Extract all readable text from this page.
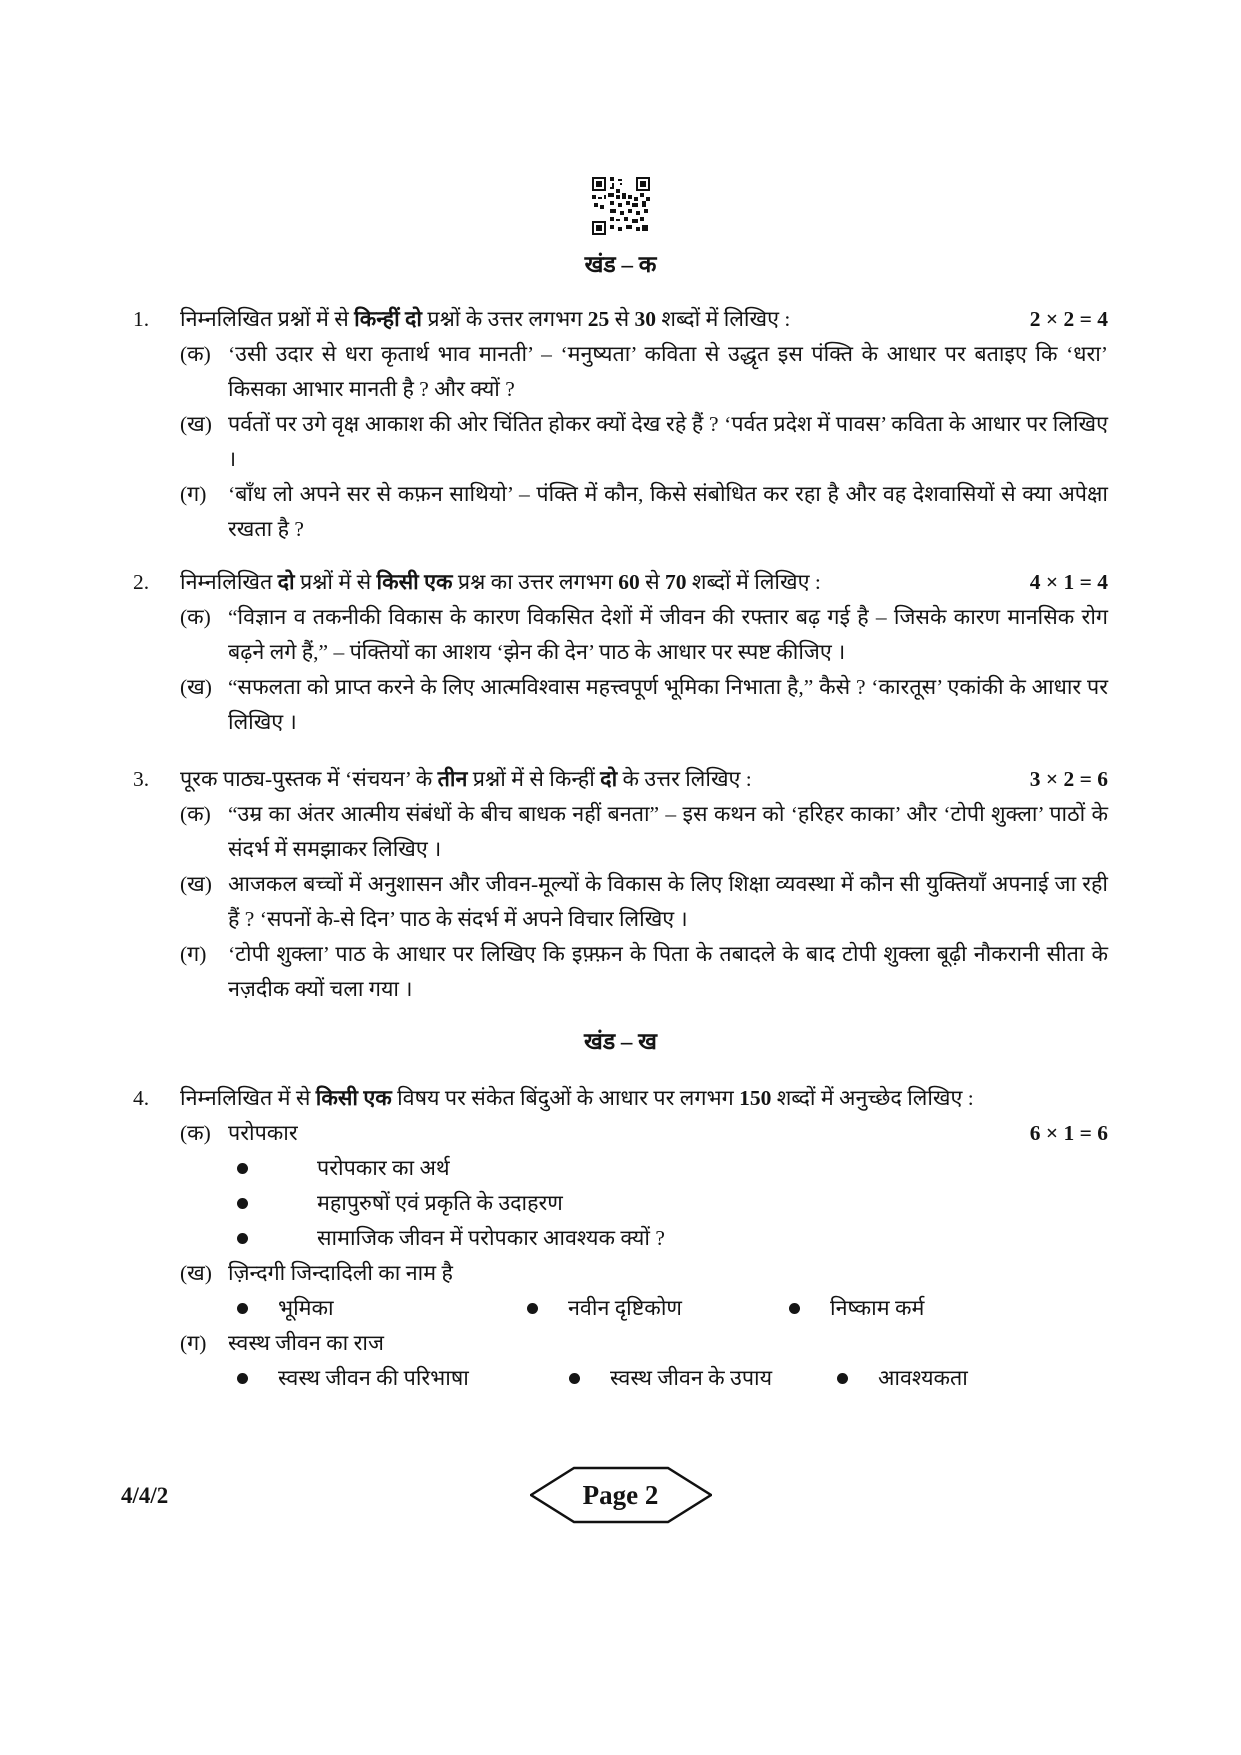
खंड – क
1.	2 × 2 = 4

निम्नलिखित प्रश्नों में से किन्हीं दो प्रश्नों के उत्तर लगभग 25 से 30 शब्दों में लिखिए :

(क) ‘उसी उदार से धरा कृतार्थ भाव मानती’ – ‘मनुष्यता’ कविता से उद्धृत इस पंक्ति के आधार पर बताइए कि ‘धरा’ किसका आभार मानती है ? और क्यों ?

(ख) पर्वतों पर उगे वृक्ष आकाश की ओर चिंतित होकर क्यों देख रहे हैं ? ‘पर्वत प्रदेश में पावस’ कविता के आधार पर लिखिए ।

(ग) ‘बाँध लो अपने सर से कफ़न साथियो’ – पंक्ति में कौन, किसे संबोधित कर रहा है और वह देशवासियों से क्या अपेक्षा रखता है ?

2.	4 × 1 = 4

निम्नलिखित दो प्रश्नों में से किसी एक प्रश्न का उत्तर लगभग 60 से 70 शब्दों में लिखिए :

(क) “विज्ञान व तकनीकी विकास के कारण विकसित देशों में जीवन की रफ्तार बढ़ गई है – जिसके कारण मानसिक रोग बढ़ने लगे हैं,” – पंक्तियों का आशय ‘झेन की देन’ पाठ के आधार पर स्पष्ट कीजिए ।

(ख) “सफलता को प्राप्त करने के लिए आत्मविश्वास महत्त्वपूर्ण भूमिका निभाता है,” कैसे ? ‘कारतूस’ एकांकी के आधार पर लिखिए ।

3.	3 × 2 = 6

पूरक पाठ्य-पुस्तक में ‘संचयन’ के तीन प्रश्नों में से किन्हीं दो के उत्तर लिखिए :

(क) “उम्र का अंतर आत्मीय संबंधों के बीच बाधक नहीं बनता” – इस कथन को ‘हरिहर काका’ और ‘टोपी शुक्ला’ पाठों के संदर्भ में समझाकर लिखिए ।

(ख) आजकल बच्चों में अनुशासन और जीवन-मूल्यों के विकास के लिए शिक्षा व्यवस्था में कौन सी युक्तियाँ अपनाई जा रही हैं ? ‘सपनों के-से दिन’ पाठ के संदर्भ में अपने विचार लिखिए ।

(ग) ‘टोपी शुक्ला’ पाठ के आधार पर लिखिए कि इफ़्फ़न के पिता के तबादले के बाद टोपी शुक्ला बूढ़ी नौकरानी सीता के नज़दीक क्यों चला गया ।

खंड – ख
4.
6 × 1 = 6

निम्नलिखित में से किसी एक विषय पर संकेत बिंदुओं के आधार पर लगभग 150 शब्दों में अनुच्छेद लिखिए :

(क) परोपकार

परोपकार का अर्थ

महापुरुषों एवं प्रकृति के उदाहरण

सामाजिक जीवन में परोपकार आवश्यक क्यों ?

(ख) ज़िन्दगी जिन्दादिली का नाम है

भूमिका	नवीन दृष्टिकोण	निष्काम कर्म
(ग) स्वस्थ जीवन का राज

स्वस्थ जीवन की परिभाषा	स्वस्थ जीवन के उपाय	आवश्यकता
4/4/2	Page 2
